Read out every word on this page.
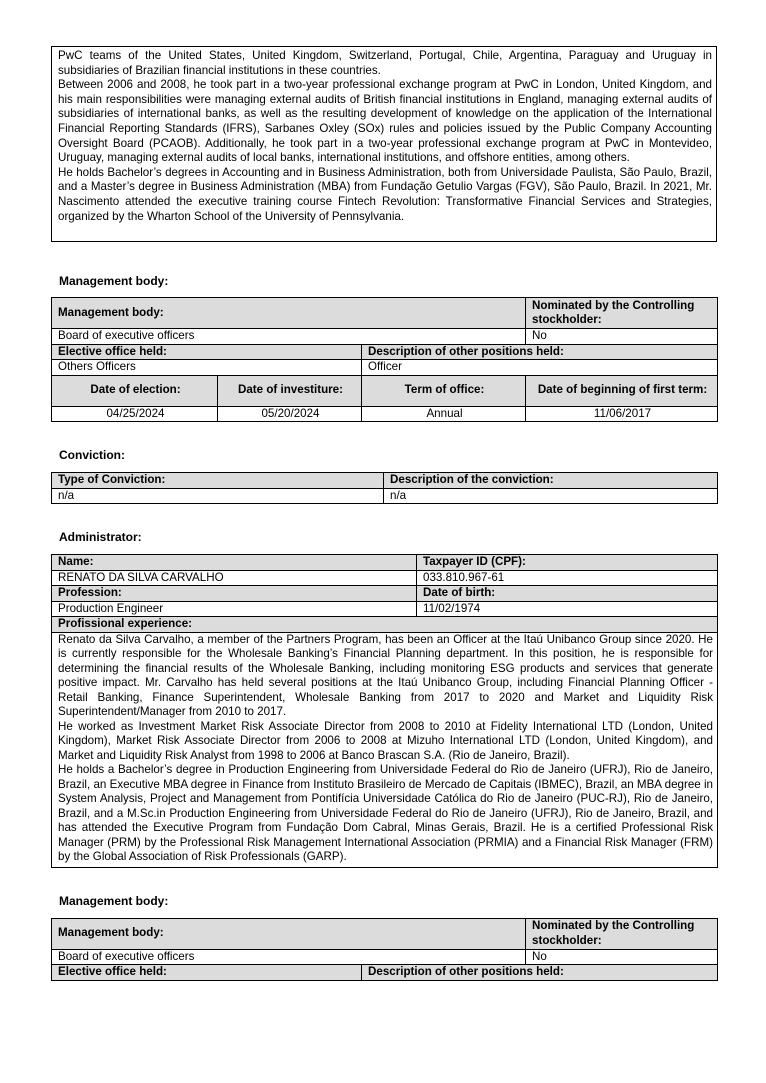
PwC teams of the United States, United Kingdom, Switzerland, Portugal, Chile, Argentina, Paraguay and Uruguay in subsidiaries of Brazilian financial institutions in these countries.

Between 2006 and 2008, he took part in a two-year professional exchange program at PwC in London, United Kingdom, and his main responsibilities were managing external audits of British financial institutions in England, managing external audits of subsidiaries of international banks, as well as the resulting development of knowledge on the application of the International Financial Reporting Standards (IFRS), Sarbanes Oxley (SOx) rules and policies issued by the Public Company Accounting Oversight Board (PCAOB). Additionally, he took part in a two-year professional exchange program at PwC in Montevideo, Uruguay, managing external audits of local banks, international institutions, and offshore entities, among others.

He holds Bachelor’s degrees in Accounting and in Business Administration, both from Universidade Paulista, São Paulo, Brazil, and a Master’s degree in Business Administration (MBA) from Fundação Getulio Vargas (FGV), São Paulo, Brazil. In 2021, Mr. Nascimento attended the executive training course Fintech Revolution: Transformative Financial Services and Strategies, organized by the Wharton School of the University of Pennsylvania.

Management body:
Management body:			Nominated by the Controlling stockholder:
Board of executive officers			No
Elective office held:		Description of other positions held:	
Others Officers		Officer	
Date of election:	Date of investiture:	Term of office:	Date of beginning of first term:
04/25/2024	05/20/2024	Annual	11/06/2017
Conviction:
Type of Conviction:	Description of the conviction:
n/a	n/a
Administrator:
Name:	Taxpayer ID (CPF):
RENATO DA SILVA CARVALHO	033.810.967-61
Profession:	Date of birth:
Production Engineer	11/02/1974
Profissional experience:	

Renato da Silva Carvalho, a member of the Partners Program, has been an Officer at the Itaú Unibanco Group since 2020. He is currently responsible for the Wholesale Banking’s Financial Planning department. In this position, he is responsible for determining the financial results of the Wholesale Banking, including monitoring ESG products and services that generate positive impact. Mr. Carvalho has held several positions at the Itaú Unibanco Group, including Financial Planning Officer - Retail Banking, Finance Superintendent, Wholesale Banking from 2017 to 2020 and Market and Liquidity Risk Superintendent/Manager from 2010 to 2017.

He worked as Investment Market Risk Associate Director from 2008 to 2010 at Fidelity International LTD (London, United Kingdom), Market Risk Associate Director from 2006 to 2008 at Mizuho International LTD (London, United Kingdom), and Market and Liquidity Risk Analyst from 1998 to 2006 at Banco Brascan S.A. (Rio de Janeiro, Brazil).

He holds a Bachelor’s degree in Production Engineering from Universidade Federal do Rio de Janeiro (UFRJ), Rio de Janeiro, Brazil, an Executive MBA degree in Finance from Instituto Brasileiro de Mercado de Capitais (IBMEC), Brazil, an MBA degree in System Analysis, Project and Management from Pontifícia Universidade Católica do Rio de Janeiro (PUC-RJ), Rio de Janeiro, Brazil, and a M.Sc.in Production Engineering from Universidade Federal do Rio de Janeiro (UFRJ), Rio de Janeiro, Brazil, and has attended the Executive Program from Fundação Dom Cabral, Minas Gerais, Brazil. He is a certified Professional Risk Manager (PRM) by the Professional Risk Management International Association (PRMIA) and a Financial Risk Manager (FRM) by the Global Association of Risk Professionals (GARP).	

Management body:
Management body:		Nominated by the Controlling stockholder:
Board of executive officers		No
Elective office held:	Description of other positions held:	
